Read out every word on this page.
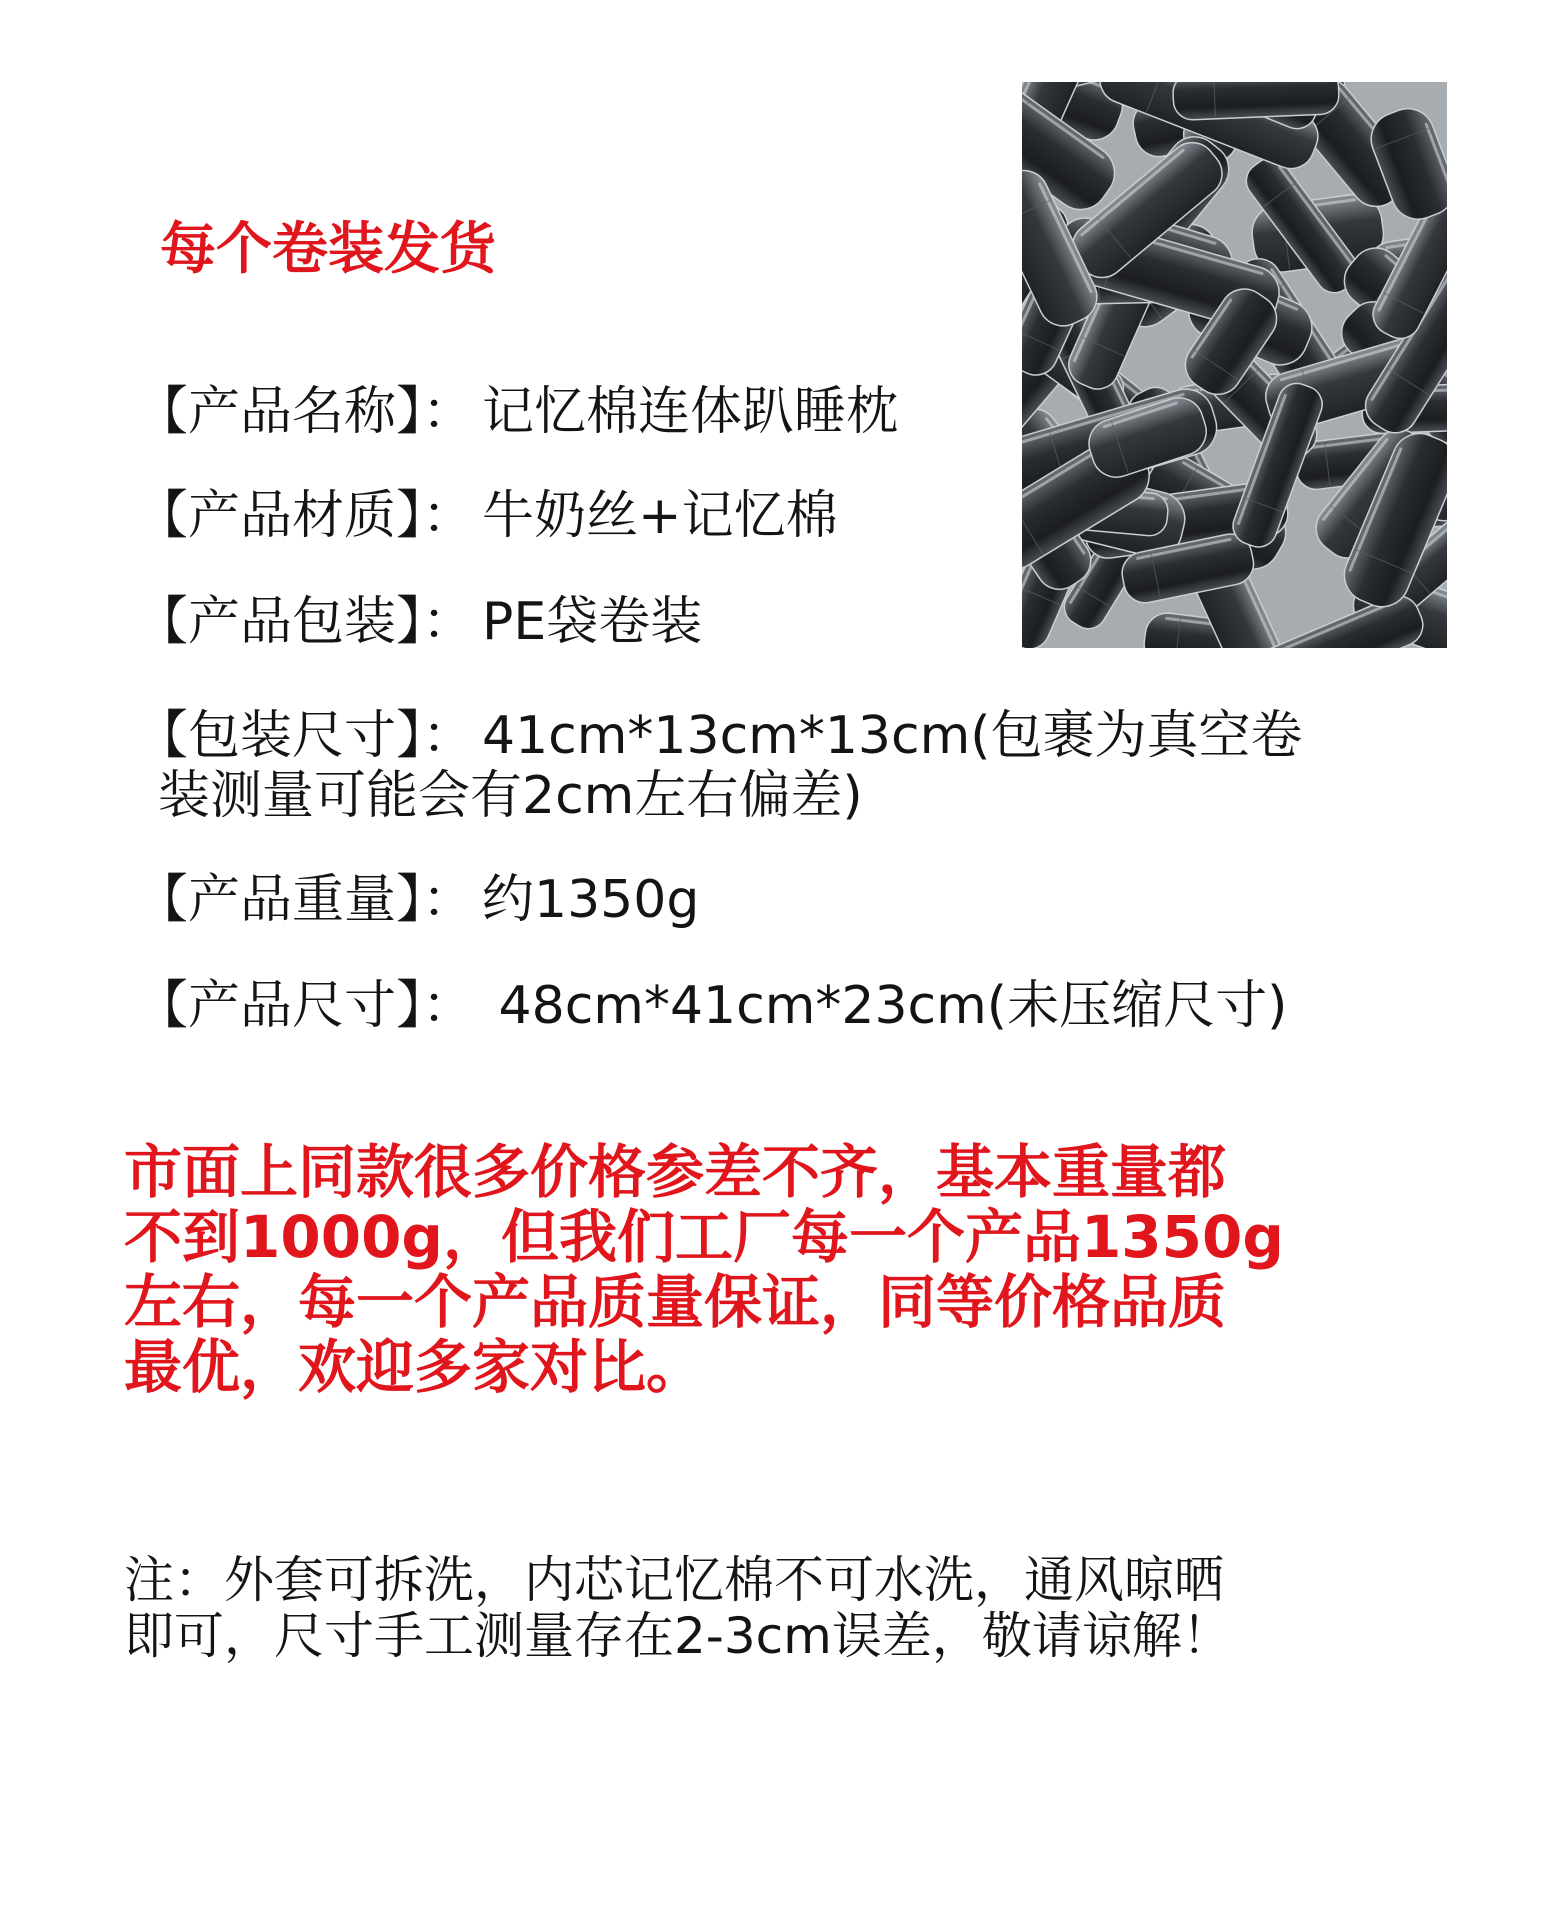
每个卷装发货
【产品名称】： 记忆棉连体趴睡枕
【产品材质】： 牛奶丝+记忆棉
【产品包装】： PE袋卷装
【包装尺寸】： 41cm*13cm*13cm(包裹为真空卷
装测量可能会有2cm左右偏差)
【产品重量】： 约1350g
【产品尺寸】： 48cm*41cm*23cm(未压缩尺寸)
市面上同款很多价格参差不齐，基本重量都
不到1000g，但我们工厂每一个产品1350g
左右，每一个产品质量保证，同等价格品质
最优，欢迎多家对比。
注：外套可拆洗，内芯记忆棉不可水洗，通风晾晒
即可，尺寸手工测量存在2-3cm误差，敬请谅解！
